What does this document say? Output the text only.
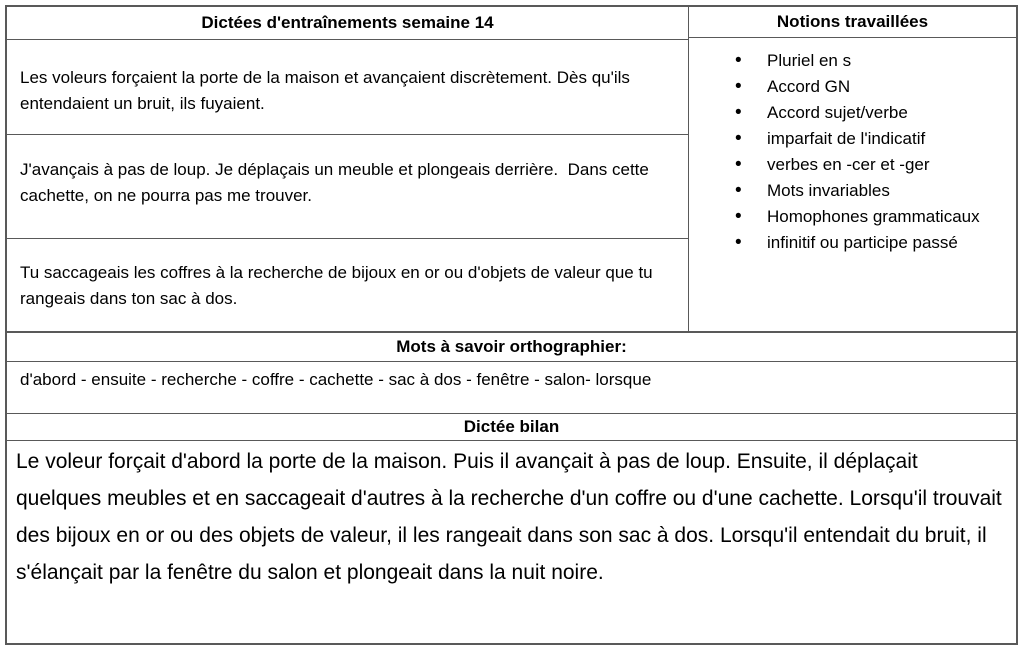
Dictées d'entraînements semaine 14
Les voleurs forçaient la porte de la maison et avançaient discrètement. Dès qu'ils entendaient un bruit, ils fuyaient.
J'avançais à pas de loup. Je déplaçais un meuble et plongeais derrière.  Dans cette cachette, on ne pourra pas me trouver.
Tu saccageais les coffres à la recherche de bijoux en or ou d'objets de valeur que tu rangeais dans ton sac à dos.
Notions travaillées
• Pluriel en s
• Accord GN
• Accord sujet/verbe
• imparfait de l'indicatif
• verbes en -cer et -ger
• Mots invariables
• Homophones grammaticaux
• infinitif ou participe passé
Mots à savoir orthographier:
d'abord - ensuite - recherche - coffre - cachette - sac à dos - fenêtre - salon- lorsque
Dictée bilan
Le voleur forçait d'abord la porte de la maison. Puis il avançait à pas de loup. Ensuite, il déplaçait quelques meubles et en saccageait d'autres à la recherche d'un coffre ou d'une cachette. Lorsqu'il trouvait des bijoux en or ou des objets de valeur, il les rangeait dans son sac à dos. Lorsqu'il entendait du bruit, il s'élançait par la fenêtre du salon et plongeait dans la nuit noire.
